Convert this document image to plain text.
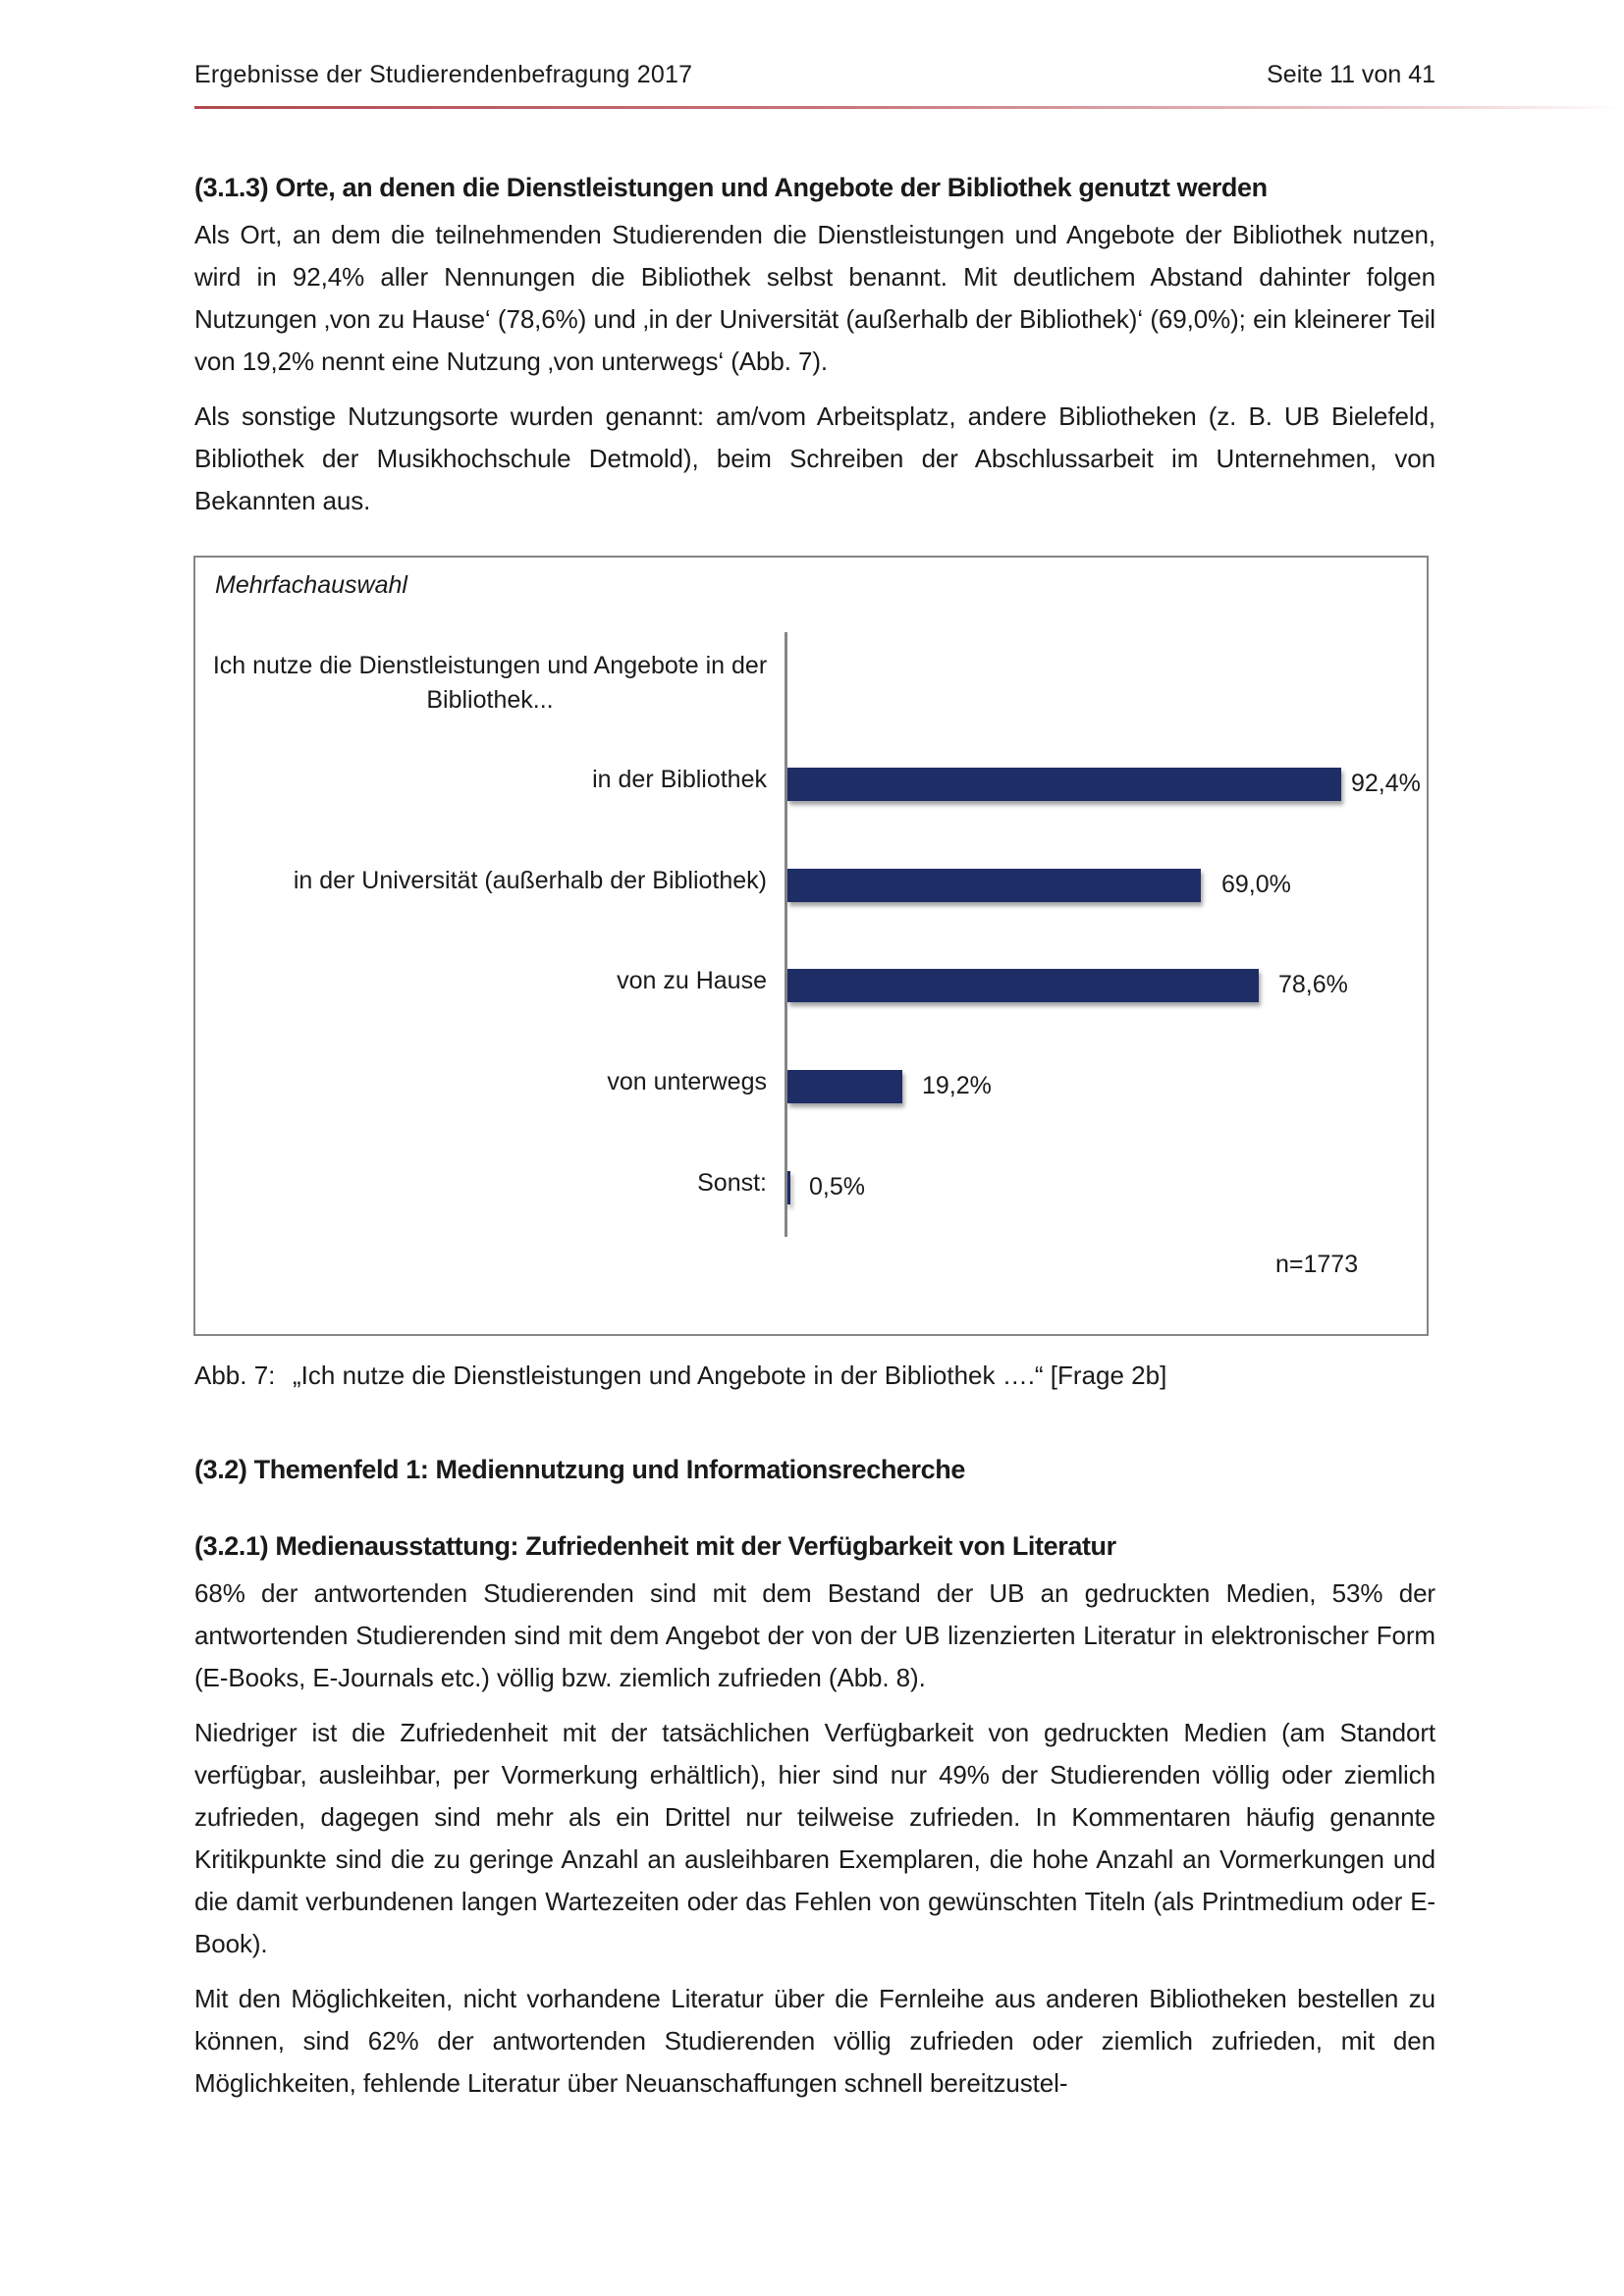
Ergebnisse der Studierendenbefragung 2017	Seite 11 von 41
(3.1.3) Orte, an denen die Dienstleistungen und Angebote der Bibliothek genutzt werden

Als Ort, an dem die teilnehmenden Studierenden die Dienstleistungen und Angebote der Bibliothek nutzen, wird in 92,4% aller Nennungen die Bibliothek selbst benannt. Mit deutlichem Abstand dahinter folgen Nutzungen ‚von zu Hause‘ (78,6%) und ‚in der Universität (außerhalb der Bibliothek)‘ (69,0%); ein kleinerer Teil von 19,2% nennt eine Nutzung ‚von unterwegs‘ (Abb. 7).

Als sonstige Nutzungsorte wurden genannt: am/vom Arbeitsplatz, andere Bibliotheken (z. B. UB Bielefeld, Bibliothek der Musikhochschule Detmold), beim Schreiben der Abschlussarbeit im Unternehmen, von Bekannten aus.

Mehrfachauswahl
Ich nutze die Dienstleistungen und Angebote in der Bibliothek...
in der Bibliothek	92,4%
in der Universität (außerhalb der Bibliothek)	69,0%
von zu Hause	78,6%
von unterwegs	19,2%
Sonst: 0,5%
n=1773
Abb. 7: „Ich nutze die Dienstleistungen und Angebote in der Bibliothek ….“ [Frage 2b]
(3.2) Themenfeld 1: Mediennutzung und Informationsrecherche
(3.2.1) Medienausstattung: Zufriedenheit mit der Verfügbarkeit von Literatur

68% der antwortenden Studierenden sind mit dem Bestand der UB an gedruckten Medien, 53% der antwortenden Studierenden sind mit dem Angebot der von der UB lizenzierten Literatur in elektronischer Form (E-Books, E-Journals etc.) völlig bzw. ziemlich zufrieden (Abb. 8).

Niedriger ist die Zufriedenheit mit der tatsächlichen Verfügbarkeit von gedruckten Medien (am Standort verfügbar, ausleihbar, per Vormerkung erhältlich), hier sind nur 49% der Studierenden völlig oder ziemlich zufrieden, dagegen sind mehr als ein Drittel nur teilweise zufrieden. In Kommentaren häufig genannte Kritikpunkte sind die zu geringe Anzahl an ausleihbaren Exemplaren, die hohe Anzahl an Vormerkungen und die damit verbundenen langen Wartezeiten oder das Fehlen von gewünschten Titeln (als Printmedium oder E-Book).

Mit den Möglichkeiten, nicht vorhandene Literatur über die Fernleihe aus anderen Bibliotheken bestellen zu können, sind 62% der antwortenden Studierenden völlig zufrieden oder ziemlich zufrieden, mit den Möglichkeiten, fehlende Literatur über Neuanschaffungen schnell bereitzustel-
